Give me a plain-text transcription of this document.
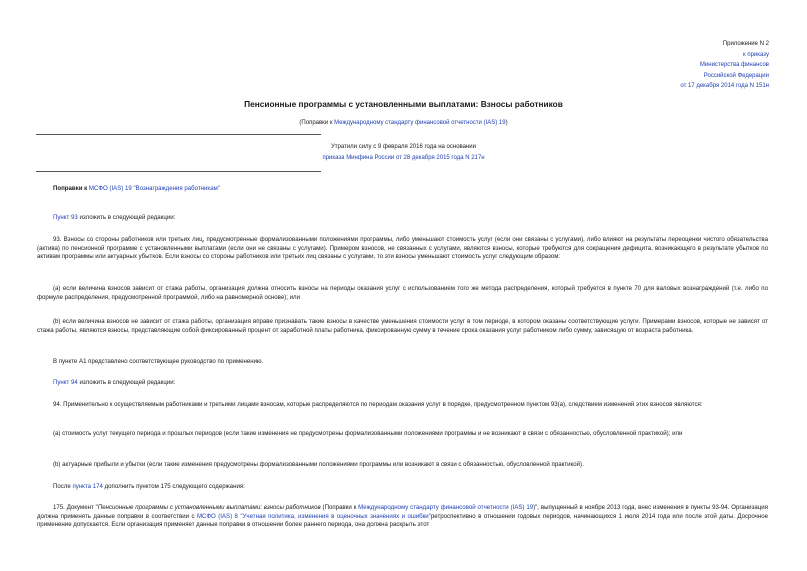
Приложение N 2
к приказу
Министерства финансов
Российской Федерации
от 17 декабря 2014 года N 151н
Пенсионные программы с установленными выплатами: Взносы работников
(Поправки к Международному стандарту финансовой отчетности (IAS) 19)
Утратили силу с 9 февраля 2016 года на основании
приказа Минфина России от 28 декабря 2015 года N 217н
Поправки к МСФО (IAS) 19 "Вознаграждения работникам"
Пункт 93 изложить в следующей редакции:
93. Взносы со стороны работников или третьих лиц, предусмотренные формализованными положениями программы, либо уменьшают стоимость услуг (если они связаны с услугами), либо влияют на результаты переоценки чистого обязательства (актива) по пенсионной программе с установленными выплатами (если они не связаны с услугами). Примером взносов, не связанных с услугами, являются взносы, которые требуются для сокращения дефицита, возникающего в результате убытков по активам программы или актуарных убытков. Если взносы со стороны работников или третьих лиц связаны с услугами, то эти взносы уменьшают стоимость услуг следующим образом:
(а) если величина взносов зависит от стажа работы, организация должна относить взносы на периоды оказания услуг с использованием того же метода распределения, который требуется в пункте 70 для валовых вознаграждений (т.е. либо по формуле распределения, предусмотренной программой, либо на равномерной основе); или
(b) если величина взносов не зависит от стажа работы, организация вправе признавать такие взносы в качестве уменьшения стоимости услуг в том периоде, в котором оказаны соответствующие услуги. Примерами взносов, которые не зависят от стажа работы, являются взносы, представляющие собой фиксированный процент от заработной платы работника, фиксированную сумму в течение срока оказания услуг работником либо сумму, зависящую от возраста работника.
В пункте А1 представлено соответствующее руководство по применению.
Пункт 94 изложить в следующей редакции:
94. Применительно к осуществляемым работниками и третьими лицами взносам, которые распределяются по периодам оказания услуг в порядке, предусмотренном пунктом 93(а), следствием изменений этих взносов являются:
(а) стоимость услуг текущего периода и прошлых периодов (если такие изменения не предусмотрены формализованными положениями программы и не возникают в связи с обязанностью, обусловленной практикой); или
(b) актуарные прибыли и убытки (если такие изменения предусмотрены формализованными положениями программы или возникают в связи с обязанностью, обусловленной практикой).
После пункта 174 дополнить пунктом 175 следующего содержания:
175. Документ "Пенсионные программы с установленными выплатами: взносы работников (Поправки к Международному стандарту финансовой отчетности (IAS) 19)", выпущенный в ноябре 2013 года, внес изменения в пункты 93-94. Организация должна применять данные поправки в соответствии с МСФО (IAS) 8 "Учетная политика, изменения в оценочных значениях и ошибки"ретроспективно в отношении годовых периодов, начинающихся 1 июля 2014 года или после этой даты. Досрочное применение допускается. Если организация применяет данные поправки в отношении более раннего периода, она должна раскрыть этот
